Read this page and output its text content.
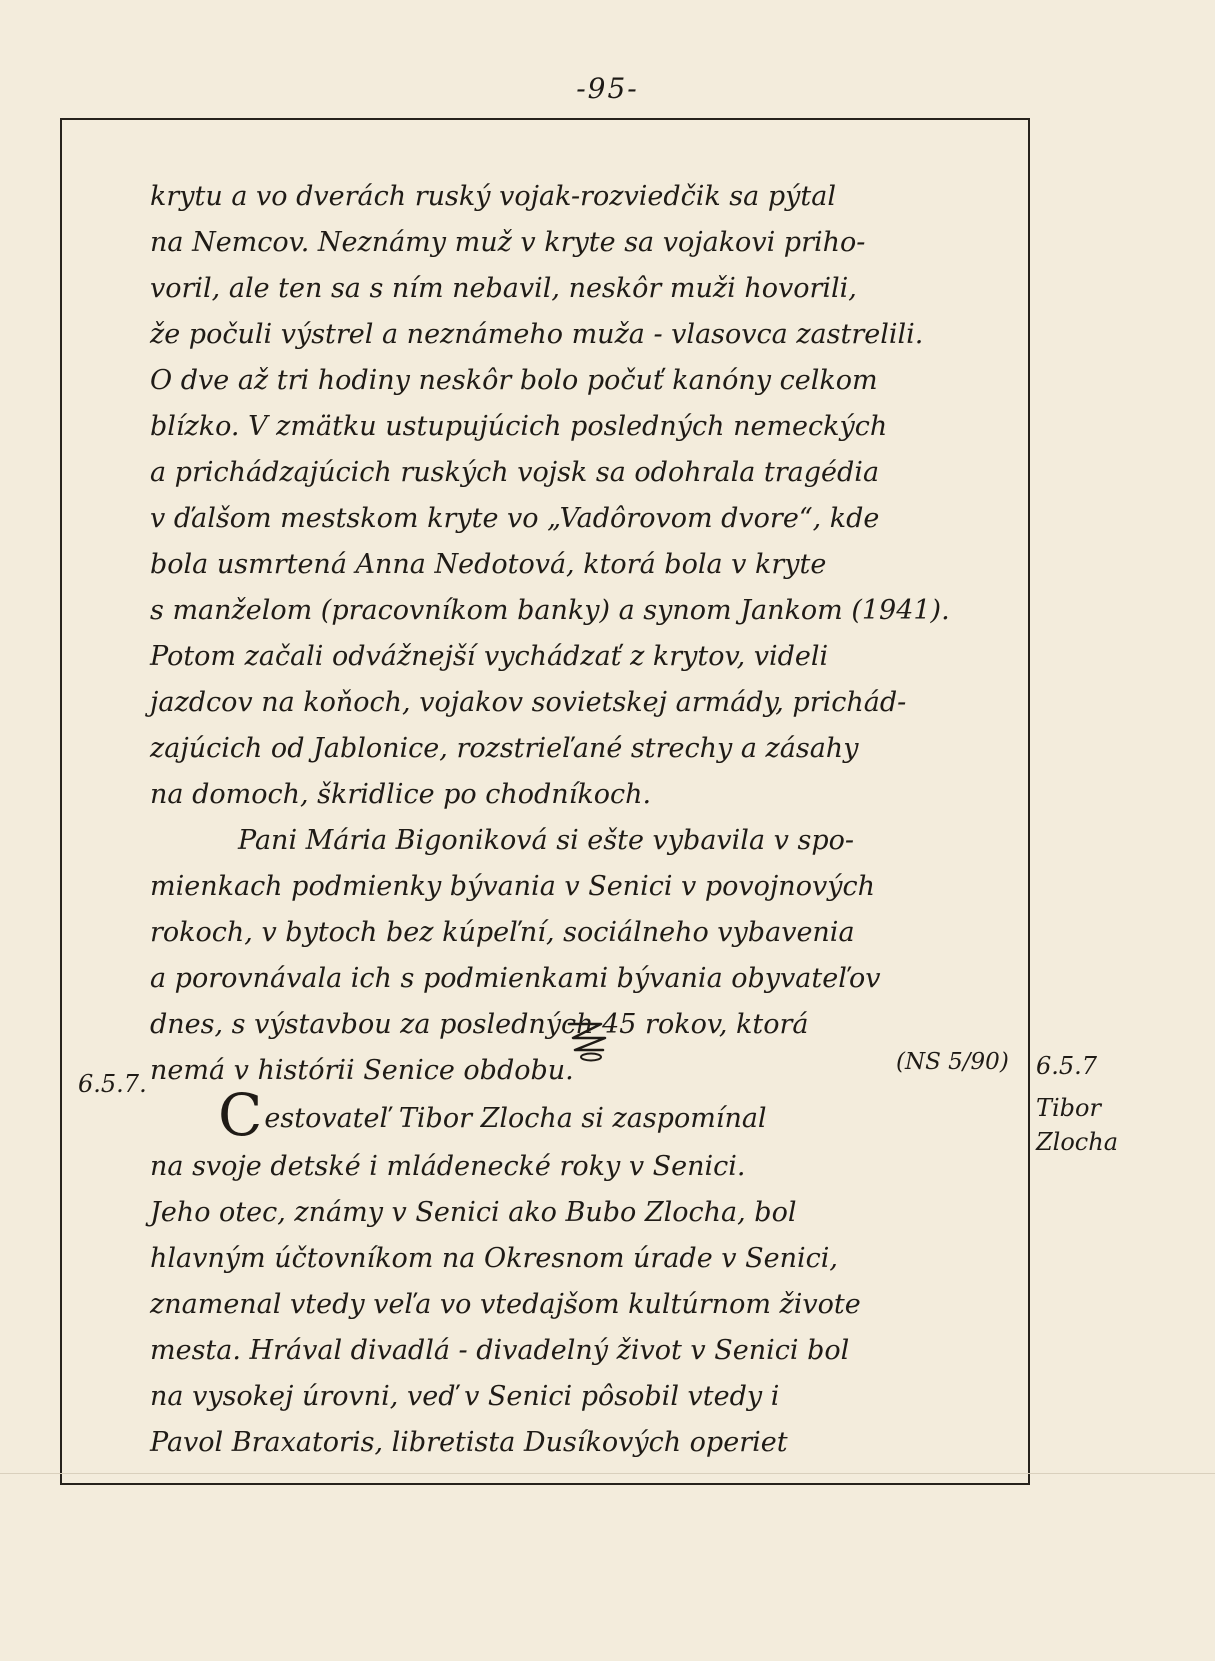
-95-
krytu a vo dverách ruský vojak-rozviedčik sa pýtal
na Nemcov. Neznámy muž v kryte sa vojakovi priho-
voril, ale ten sa s ním nebavil, neskôr muži hovorili,
že počuli výstrel a neznámeho muža - vlasovca zastrelili.
O dve až tri hodiny neskôr bolo počuť kanóny celkom
blízko. V zmätku ustupujúcich posledných nemeckých
a prichádzajúcich ruských vojsk sa odohrala tragédia
v ďalšom mestskom kryte vo „Vadôrovom dvore“, kde
bola usmrtená Anna Nedotová, ktorá bola v kryte
s manželom (pracovníkom banky) a synom Jankom (1941).
Potom začali odvážnejší vychádzať z krytov, videli
jazdcov na koňoch, vojakov sovietskej armády, prichád-
zajúcich od Jablonice, rozstrieľané strechy a zásahy
na domoch, škridlice po chodníkoch.
Pani Mária Bigoniková si ešte vybavila v spo-
mienkach podmienky bývania v Senici v povojnových
rokoch, v bytoch bez kúpeľní, sociálneho vybavenia
a porovnávala ich s podmienkami bývania obyvateľov
dnes, s výstavbou za posledných 45 rokov, ktorá
nemá v histórii Senice obdobu.	(NS 5/90)
6.5.7.
6.5.7
Tibor
Zlocha
Cestovateľ Tibor Zlocha si zaspomínal
na svoje detské i mládenecké roky v Senici.
Jeho otec, známy v Senici ako Bubo Zlocha, bol
hlavným účtovníkom na Okresnom úrade v Senici,
znamenal vtedy veľa vo vtedajšom kultúrnom živote
mesta. Hrával divadlá - divadelný život v Senici bol
na vysokej úrovni, veď v Senici pôsobil vtedy i
Pavol Braxatoris, libretista Dusíkových operiet
